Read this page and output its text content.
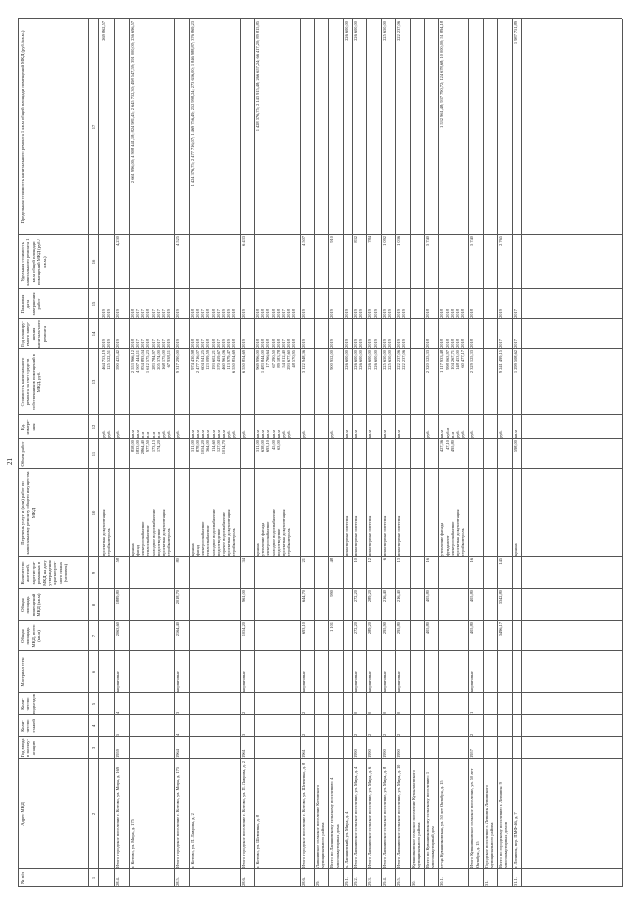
21
№ п/п
Адрес МКД
Год ввода в эксплу-атацию
Коли-чество этажей
Коли-чество подъездов
Материал стен
Общая площадь МКД, всего (кв.м)
Общая площадь помещений МКД (кв.м)
Количество жителей, зарегистри-рованных в МКД на дату утверждения краткосроч-ного плана (человек)
Перечень услуг и (или) работ по капитальному ремонту общего имущества МКД
Объем работ
Ед. измере-ния
Стоимость капитального ремонта за счет средств собственников помещений в МКД, руб.
Год планиру-емого завер-шения капиталь-ного ремонта
Плановая дата завершения работ
Удельная стоимость капитального ремонта 1 кв.м общей площади помещений МКД (руб./кв.м.)
Предельная стоимость капитального ремонта 1 кв.м общей площади помещений МКД (руб./кв.м.)
1
2
3
4
5
6
7
8
9
10
11
12
13
14
15
16
17
проектная документация стройконтроль
руб. руб.
464 753,19 125 522,51
2019 2019
2019 2019
269 862,57
28.4.
Итого городское поселение г. Котово, ул. Мира, д. 169
1959
5
4
кирпичные
2063,60
1889,80
58
руб.
590 425,42
2019
2019
4,230
г. Котово, ул. Мира, д. 175
крыша фасад электроснабжение теплоснабжение холодное водоснабжение водоотведение проектная документация стройконтроль
858,00 1833,00 2864,40 977,50 173,13 174,20
кв.м кв.м п.м п.м п.м п.м руб. руб.
2 553 966,12 4 907 444,11 834 893,04 1 612 575,23 283 784,97 205 374,00 168 175,00 67 938,11
2018 2017 2017 2018 2017 2017 2017 2019
2018 2017 2017 2018 2017 2017 2017 2019
2 661 996,00; 4 908 441,18; 824 981,45; 2 645 732,30; 498 547,59; 391 000,00; 236 696,57
28.5.
Итого городское поселение г. Котово, ул. Мира, д. 175
1964
4
3
кирпичные
2164,40
2018,70
80
руб.
9 317 290,00
2019
2019
4 525
г. Котово, ул. П. Лаврова, д. 2
крыша фасад электроснабжение теплоснабжение холодное водоснабжение водоотведение горячее водоснабжение проектная документация стройконтроль
511,00 878,00 1054,20 364,00 114,60 127,00 1014,70
кв.м кв.м кв.м кв.м кв.м кв.м кв.м руб. руб.
974 430,98 2 477 716,07 604 041,25 123 099,59 193 602,21 570 459,67 460 961,06 113 979,47 6 550 854,69
2018 2018 2017 2018 2018 2017 2019 2019 2018
2018 2018 2017 2018 2018 2017 2019 2019 2018
1 424 376,75; 2 477 716,07; 1 469 756,49; 252 998,24; 273 636,00; 1 846 988,87; 376 869,23
28.6.
Итого городское поселение г. Котово, ул. П. Лаврова, д. 2
1961
3
2
кирпичные
1054,20
961,00
34
руб.
6 550 854,69
2019
2019
6 433
г. Котово, ул. Шевченко, д. 8
крыша утепление фасада электроснабжение холодное водоснабжение водоотведение проектная документация стройконтроль
511,00 638,00 693,10 45,00 63,00
кв.м кв.м кв.м кв.м кв.м руб. руб.
969 996,00 1 483 844,00 17 766,64 67 290,50 89 183,78 54 012,40 293 677,60 48 570,95
2018 2018 2018 2018 2018 2017 2018 2018
2018 2018 2018 2018 2018 2017 2018 2018
1 428 376,75; 2 143 915,48; 266 657,24; 66 417,20; 89 815,85
28.6.
Итого городское поселение г. Котово, ул. Шевченко, д. 8
1961
2
2
кирпичные
693,10
644,70
21
руб.
3 122 948,36
2019
2019
4 507
29.
Лапшинское сельское поселение Котовского муниципального района Всего по Лапшинскому сельскому поселению: 4 многоквартирных дома
1 101
990
48
руб.
900 952,00
2019
2019
910
29.1.
х. Лапшинский, ул. Мира, д. 4
инженерные системы
кв.м
226 600,00
2019
2019
226 600,00
29.2.
Итого Лапшинское сельское поселение, ул. Мира, д. 4
1990
2
0
кирпичные
272,20
272,20
10
инженерные системы
кв.м
226 600,00 226 600,00
2019 2019
2019 2019
832
226 600,00
29.3.
Итого Лапшинское сельское поселение, ул. Мира, д. 6
1990
2
0
кирпичные
289,20
289,20
12
инженерные системы
кв.м
226 600,00 226 600,00
2019 2019
2019 2019
784
29.4.
Итого Лапшинское сельское поселение, ул. Мира, д. 8
1990
2
0
кирпичные
295,90
216,40
6
инженерные системы
кв.м
225 650,00 225 650,00
2019 2019
2019 2019
1 092
225 650,00
29.5.
Итого Лапшинское сельское поселение, ул. Мира, д. 10
1990
2
0
кирпичные
295,80
216,40
13
инженерные системы
кв.м
222 237,06 222 237,06
2019 2019
2019 2019
1 036
222 237,06
30.
Кувшинковское сельское поселение Кумылженского муниципального района Всего по Кувшинковскому сельскому поселению: 1 многоквартирный дом
405,80
405,80
16
руб.
2 320 125,33
2018
2018
5 740
30.1.
ст-ца Кувшинковская, ул. 50 лет Октября, д. 15
утепление фасада фундамент электроснабжение проектная документация стройконтроль
427,36 47,10 495,80
кв.м куб.м п.м руб. руб.
1 117 933,48 998 063,97 104 267,71 148 453,00 60 477,17
2018 2018 2018 2018 2018
2018 2018 2018 2018 2018
1 532 961,48; 937 790,72; 124 678,68; 10 000,00; 51 894,18
Итого Кувшинковское сельское поселение, ул. 50 лет Октября, д. 15
1957
2
1
кирпичные
405,80
405,80
16
руб.
2 329 125,33
2018
2018
5 740
31.
Городское поселение г. Ленинск Ленинского муниципального района Всего по городскому поселению г. Ленинск: 9 многоквартирных домов
3496,17
3342,80
145
руб.
9 241 499,15
2017
2019
2 765
31.1.
г. Ленинск, пер. ПМФ-46, д. 7
крыша
598,00
кв.м
1 299 508,62
2017
2017
1 987 751,89
